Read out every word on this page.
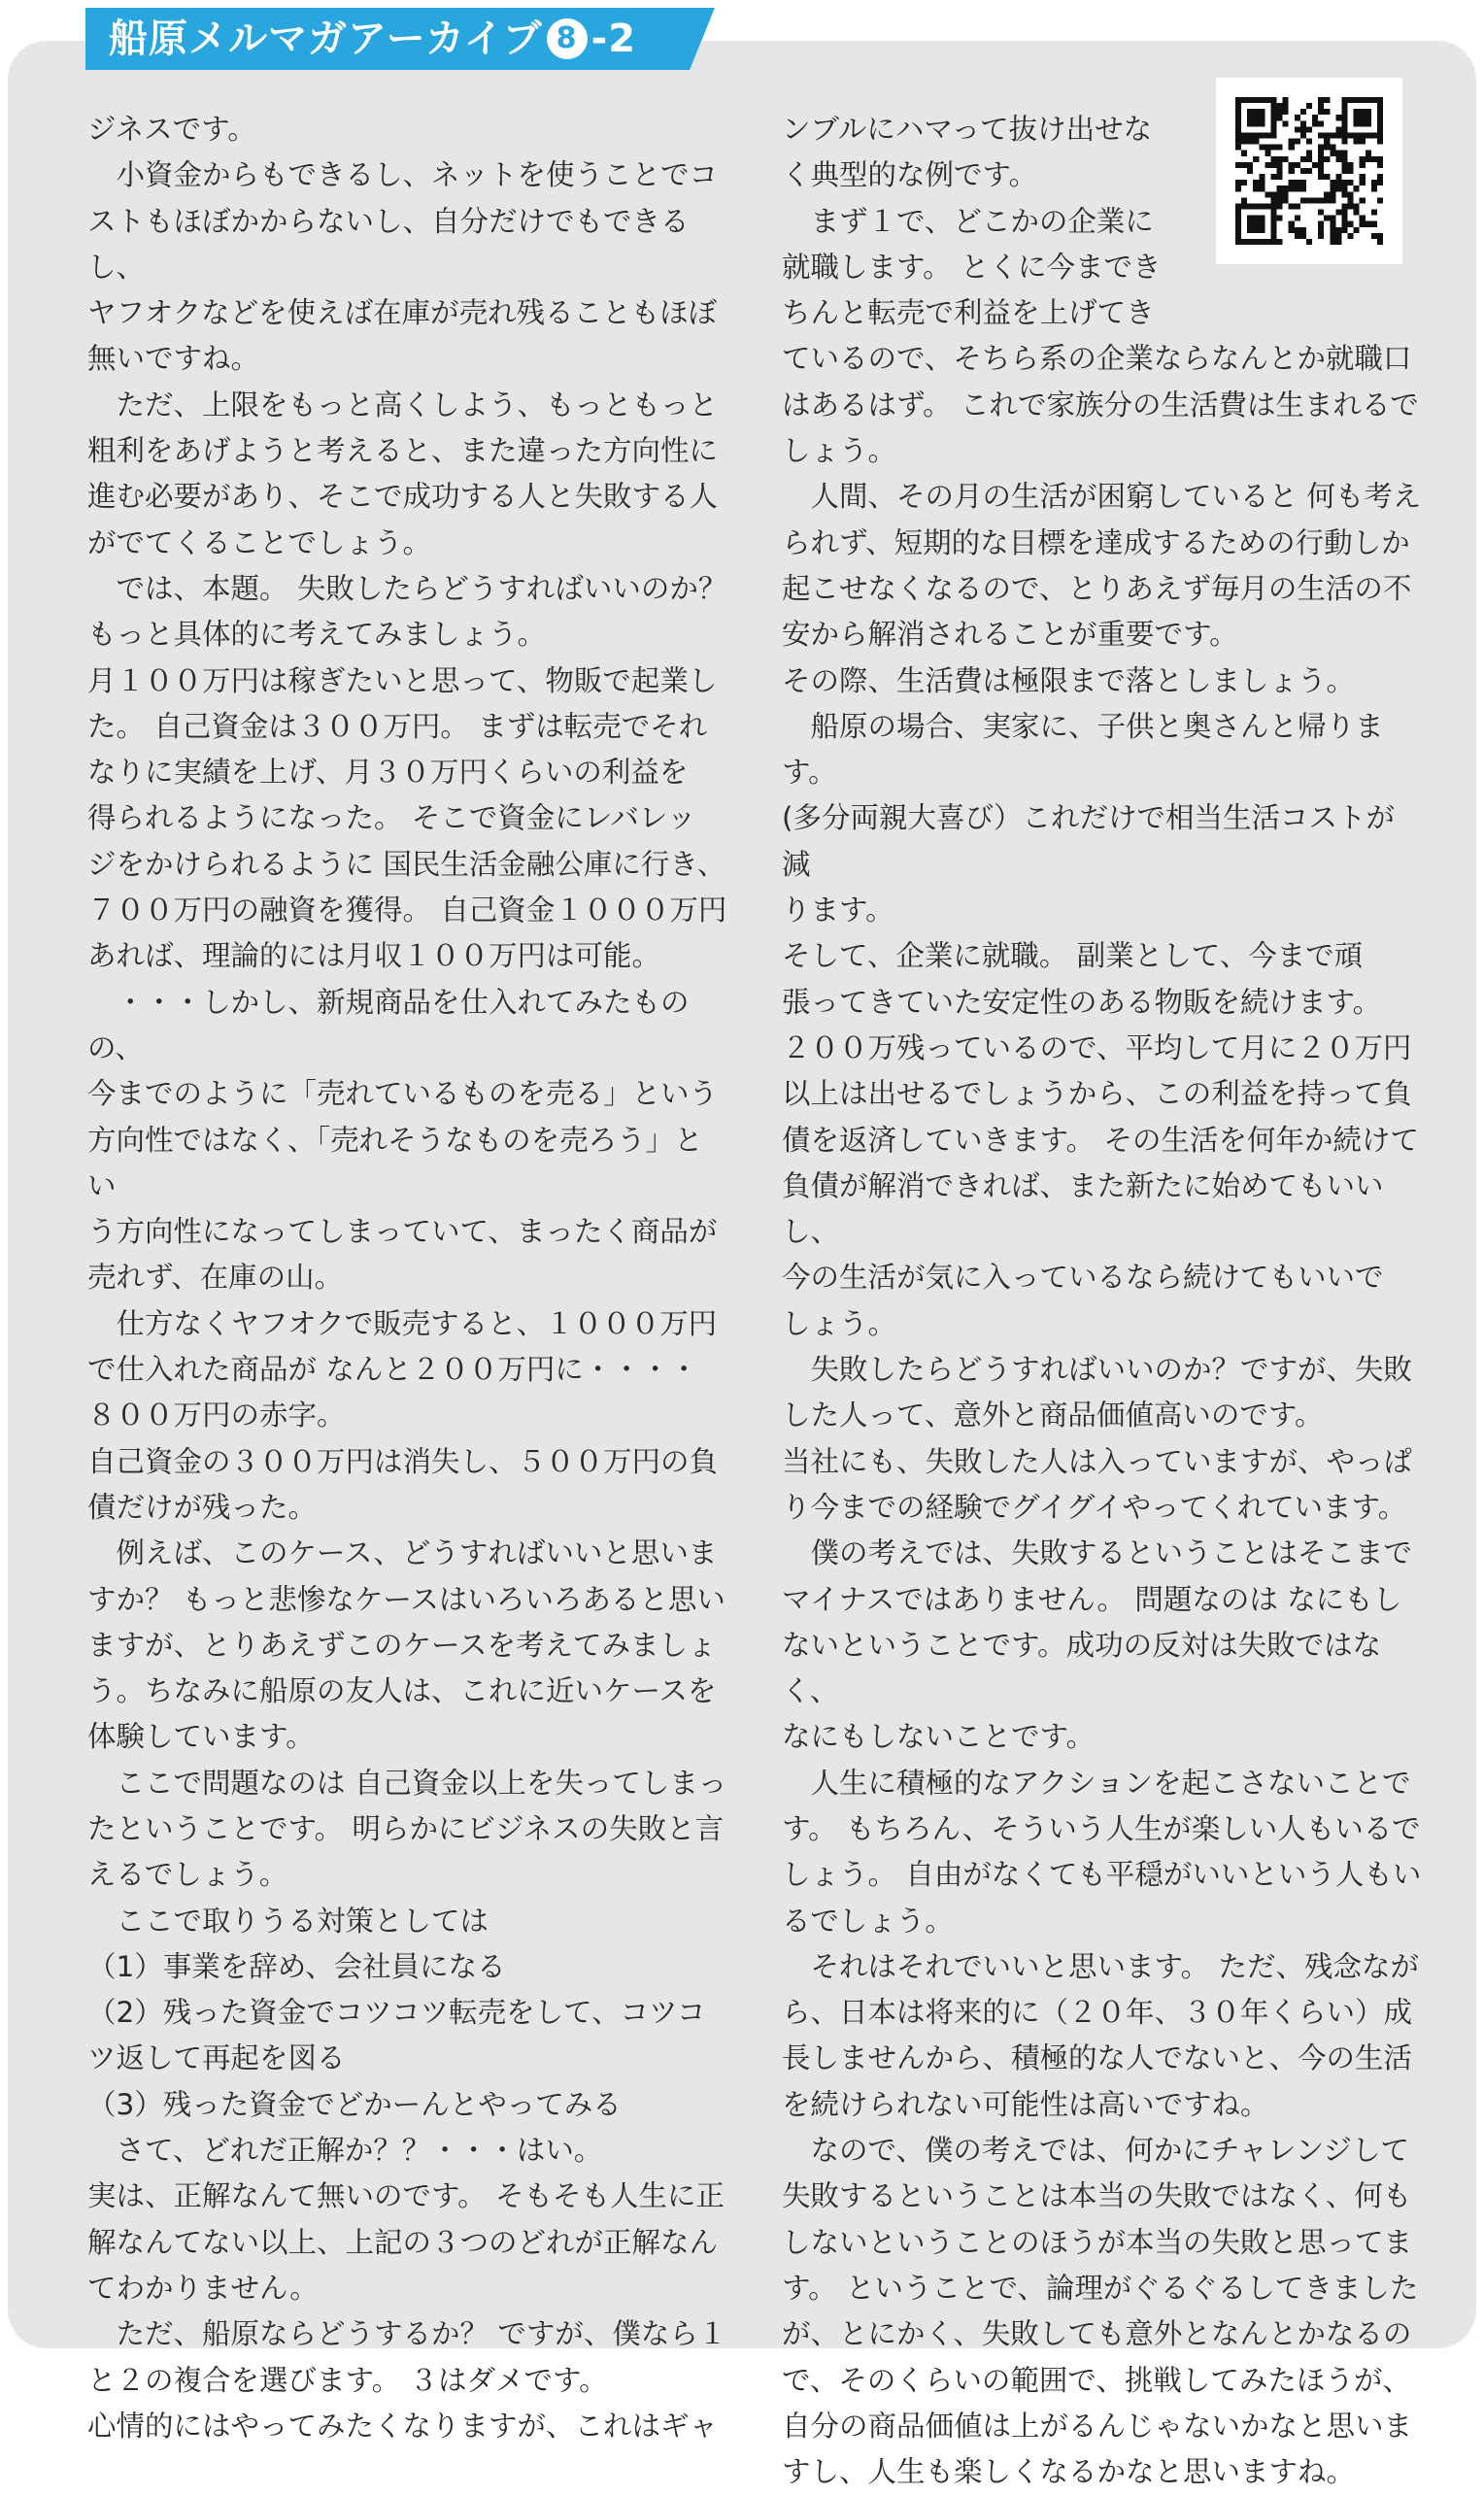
船原メルマガアーカイブ 8 -2

ジネスです。

　小資金からもできるし、ネットを使うことでコ
ストもほぼかからないし、自分だけでもできるし、
ヤフオクなどを使えば在庫が売れ残ることもほぼ
無いですね。

　ただ、上限をもっと高くしよう、もっともっと
粗利をあげようと考えると、また違った方向性に
進む必要があり、そこで成功する人と失敗する人
がでてくることでしょう。

　では、本題。 失敗したらどうすればいいのか？
もっと具体的に考えてみましょう。

月１００万円は稼ぎたいと思って、物販で起業し
た。 自己資金は３００万円。 まずは転売でそれ
なりに実績を上げ、月３０万円くらいの利益を
得られるようになった。 そこで資金にレバレッ
ジをかけられるように 国民生活金融公庫に行き、
７００万円の融資を獲得。 自己資金１０００万円
あれば、理論的には月収１００万円は可能。

　・・・しかし、新規商品を仕入れてみたものの、
今までのように「売れているものを売る」という
方向性ではなく、「売れそうなものを売ろう」とい
う方向性になってしまっていて、まったく商品が
売れず、在庫の山。

　仕方なくヤフオクで販売すると、１０００万円
で仕入れた商品が なんと２００万円に・・・・
８００万円の赤字。

自己資金の３００万円は消失し、５００万円の負
債だけが残った。

　例えば、このケース、どうすればいいと思いま
すか？ もっと悲惨なケースはいろいろあると思い
ますが、とりあえずこのケースを考えてみましょ
う。ちなみに船原の友人は、これに近いケースを
体験しています。

　ここで問題なのは 自己資金以上を失ってしまっ
たということです。 明らかにビジネスの失敗と言
えるでしょう。

　ここで取りうる対策としては

（1）事業を辞め、会社員になる

（2）残った資金でコツコツ転売をして、コツコ
ツ返して再起を図る

（3）残った資金でどかーんとやってみる

　さて、どれだ正解か？？・・・はい。

実は、正解なんて無いのです。 そもそも人生に正
解なんてない以上、上記の３つのどれが正解なん
てわかりません。

　ただ、船原ならどうするか？ ですが、僕なら１
と２の複合を選びます。 ３はダメです。

心情的にはやってみたくなりますが、これはギャ

ンブルにハマって抜け出せな
く典型的な例です。

　まず１で、どこかの企業に
就職します。 とくに今までき
ちんと転売で利益を上げてき
ているので、そちら系の企業ならなんとか就職口
はあるはず。 これで家族分の生活費は生まれるで
しょう。

　人間、その月の生活が困窮していると 何も考え
られず、短期的な目標を達成するための行動しか
起こせなくなるので、とりあえず毎月の生活の不
安から解消されることが重要です。

その際、生活費は極限まで落としましょう。

　船原の場合、実家に、子供と奥さんと帰ります。
(多分両親大喜び）これだけで相当生活コストが減
ります。

そして、企業に就職。 副業として、今まで頑
張ってきていた安定性のある物販を続けます。
２００万残っているので、平均して月に２０万円
以上は出せるでしょうから、この利益を持って負
債を返済していきます。 その生活を何年か続けて
負債が解消できれば、また新たに始めてもいいし、
今の生活が気に入っているなら続けてもいいで
しょう。

　失敗したらどうすればいいのか？ですが、失敗
した人って、意外と商品価値高いのです。

当社にも、失敗した人は入っていますが、やっぱ
り今までの経験でグイグイやってくれています。

　僕の考えでは、失敗するということはそこまで
マイナスではありません。 問題なのは なにもし
ないということです。成功の反対は失敗ではなく、
なにもしないことです。

　人生に積極的なアクションを起こさないことで
す。 もちろん、そういう人生が楽しい人もいるで
しょう。 自由がなくても平穏がいいという人もい
るでしょう。

　それはそれでいいと思います。 ただ、残念なが
ら、日本は将来的に（２０年、３０年くらい）成
長しませんから、積極的な人でないと、今の生活
を続けられない可能性は高いですね。

　なので、僕の考えでは、何かにチャレンジして
失敗するということは本当の失敗ではなく、何も
しないということのほうが本当の失敗と思ってま
す。 ということで、論理がぐるぐるしてきました
が、とにかく、失敗しても意外となんとかなるの
で、そのくらいの範囲で、挑戦してみたほうが、
自分の商品価値は上がるんじゃないかなと思いま
すし、人生も楽しくなるかなと思いますね。
